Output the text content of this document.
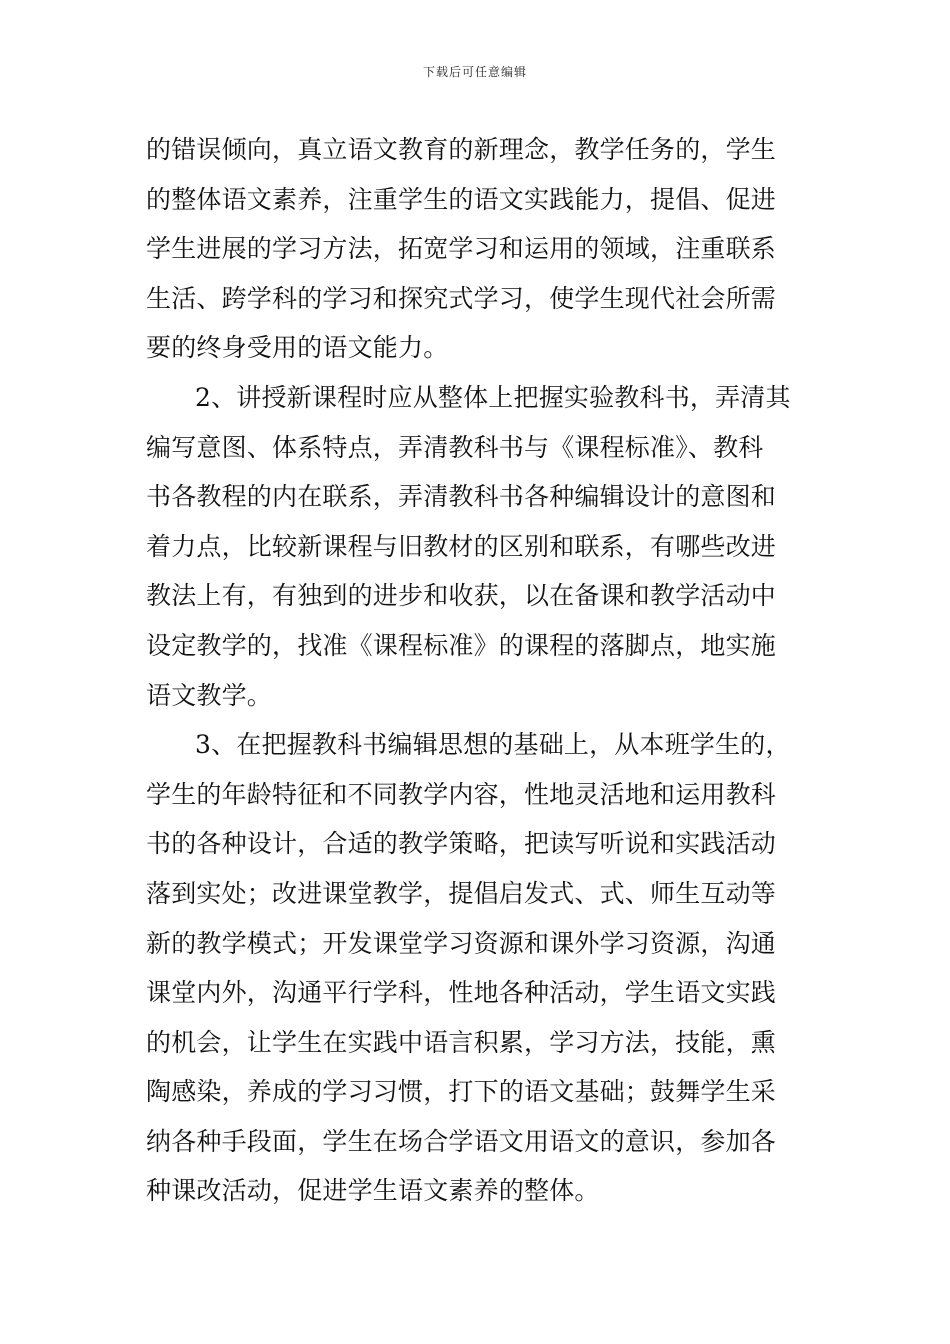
下载后可任意编辑
的错误倾向，真立语文教育的新理念，教学任务的，学生
的整体语文素养，注重学生的语文实践能力，提倡、促进
学生进展的学习方法，拓宽学习和运用的领域，注重联系
生活、跨学科的学习和探究式学习，使学生现代社会所需
要的终身受用的语文能力。
2、讲授新课程时应从整体上把握实验教科书，弄清其
编写意图、体系特点，弄清教科书与《课程标准》、教科
书各教程的内在联系，弄清教科书各种编辑设计的意图和
着力点，比较新课程与旧教材的区别和联系，有哪些改进
教法上有，有独到的进步和收获，以在备课和教学活动中
设定教学的，找准《课程标准》的课程的落脚点，地实施
语文教学。
3、在把握教科书编辑思想的基础上，从本班学生的，
学生的年龄特征和不同教学内容，性地灵活地和运用教科
书的各种设计，合适的教学策略，把读写听说和实践活动
落到实处；改进课堂教学，提倡启发式、式、师生互动等
新的教学模式；开发课堂学习资源和课外学习资源，沟通
课堂内外，沟通平行学科，性地各种活动，学生语文实践
的机会，让学生在实践中语言积累，学习方法，技能，熏
陶感染，养成的学习习惯，打下的语文基础；鼓舞学生采
纳各种手段面，学生在场合学语文用语文的意识，参加各
种课改活动，促进学生语文素养的整体。
